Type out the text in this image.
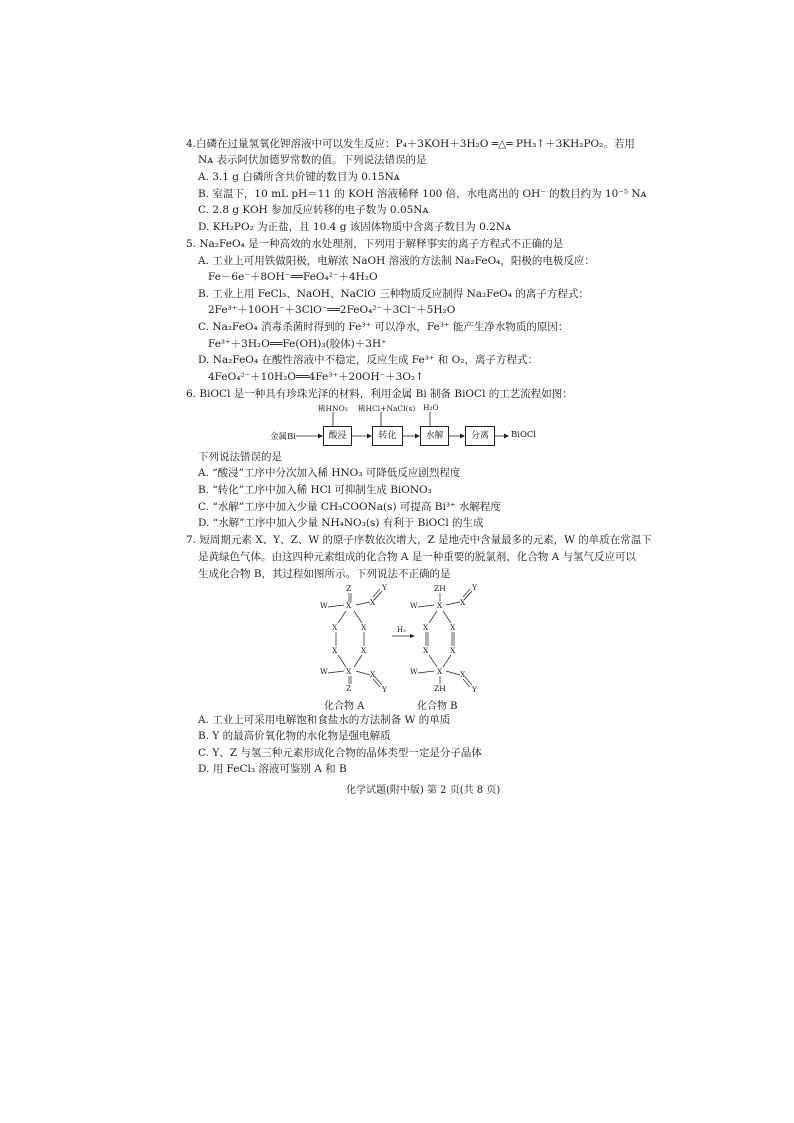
4.白磷在过量氢氧化钾溶液中可以发生反应：P₄＋3KOH＋3H₂O ═△═ PH₃↑＋3KH₂PO₂。若用
Nᴀ 表示阿伏加德罗常数的值。下列说法错误的是
A. 3.1 g 白磷所含共价键的数目为 0.15Nᴀ
B. 室温下，10 mL pH＝11 的 KOH 溶液稀释 100 倍，水电离出的 OH⁻ 的数目约为 10⁻⁵ Nᴀ
C. 2.8 g KOH 参加反应转移的电子数为 0.05Nᴀ
D. KH₂PO₂ 为正盐，且 10.4 g 该固体物质中含离子数目为 0.2Nᴀ
5. Na₂FeO₄ 是一种高效的水处理剂，下列用于解释事实的离子方程式不正确的是
A. 工业上可用铁做阳极，电解浓 NaOH 溶液的方法制 Na₂FeO₄，阳极的电极反应：
Fe－6e⁻＋8OH⁻══FeO₄²⁻＋4H₂O
B. 工业上用 FeCl₃、NaOH、NaClO 三种物质反应制得 Na₂FeO₄ 的离子方程式：
2Fe³⁺＋10OH⁻＋3ClO⁻══2FeO₄²⁻＋3Cl⁻＋5H₂O
C. Na₂FeO₄ 消毒杀菌时得到的 Fe³⁺ 可以净水，Fe³⁺ 能产生净水物质的原因：
Fe³⁺＋3H₂O══Fe(OH)₃(胶体)＋3H⁺
D. Na₂FeO₄ 在酸性溶液中不稳定，反应生成 Fe³⁺ 和 O₂，离子方程式：
4FeO₄²⁻＋10H₂O══4Fe³⁺＋20OH⁻＋3O₂↑
6. BiOCl 是一种具有珍珠光泽的材料，利用金属 Bi 制备 BiOCl 的工艺流程如图：
金属Bi	酸浸	转化	水解	分离	BiOCl
稀HNO₃ 稀HCl+NaCl(s) H₂O
下列说法错误的是
A. “酸浸”工序中分次加入稀 HNO₃ 可降低反应剧烈程度
B. “转化”工序中加入稀 HCl 可抑制生成 BiONO₃
C. “水解”工序中加入少量 CH₃COONa(s) 可提高 Bi³⁺ 水解程度
D. “水解”工序中加入少量 NH₄NO₃(s) 有利于 BiOCl 的生成
7. 短周期元素 X、Y、Z、W 的原子序数依次增大，Z 是地壳中含量最多的元素，W 的单质在常温下
是黄绿色气体。由这四种元素组成的化合物 A 是一种重要的脱氯剂，化合物 A 与氢气反应可以
生成化合物 B，其过程如图所示。下列说法不正确的是
H₂
Z
X
W	X
Y
X	X
X	X
X
W	X
Y
Z
ZH
X
W	X
Y
X	X
X	X
X
W	X
Y
ZH
化合物 A	化合物 B
A. 工业上可采用电解饱和食盐水的方法制备 W 的单质
B. Y 的最高价氧化物的水化物是强电解质
C. Y、Z 与氢三种元素形成化合物的晶体类型一定是分子晶体
D. 用 FeCl₃ 溶液可鉴别 A 和 B
化学试题(附中版) 第 2 页(共 8 页)
